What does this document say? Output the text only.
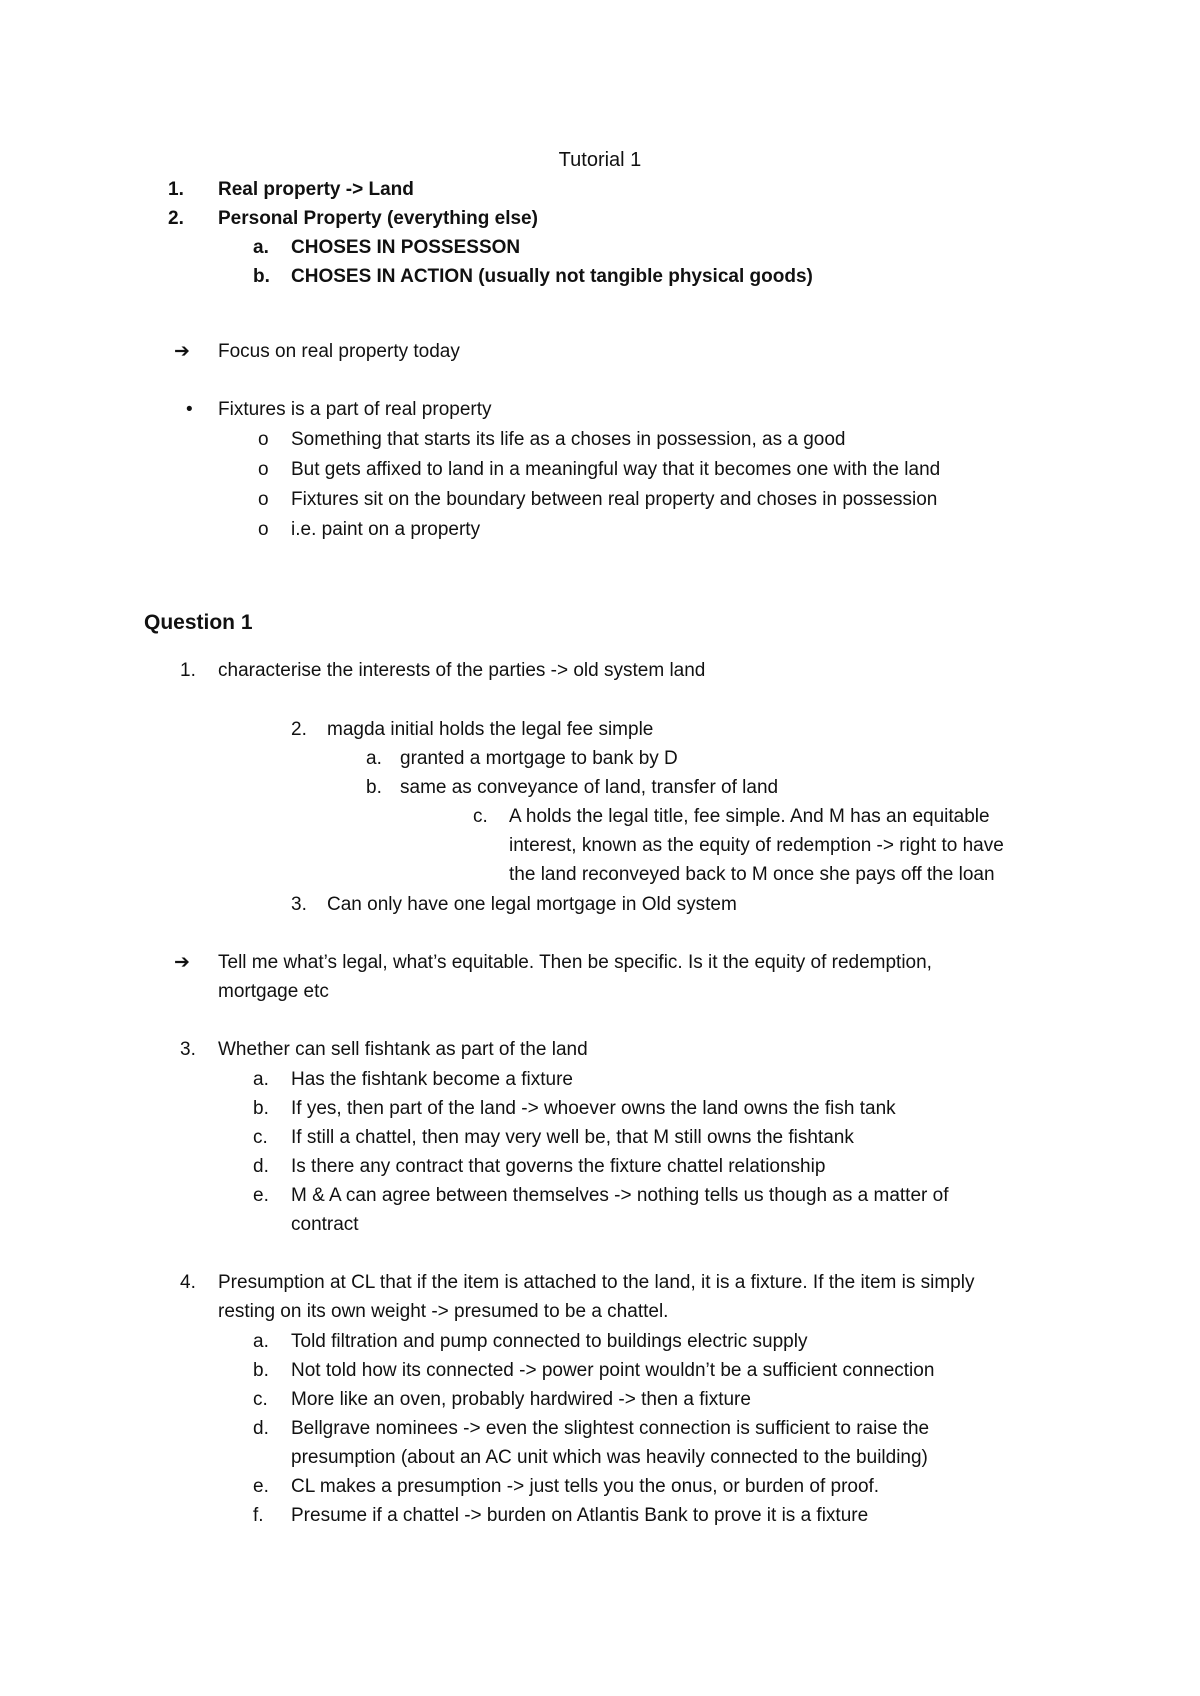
Tutorial 1
1. Real property -> Land
2. Personal Property (everything else)
a. CHOSES IN POSSESSON
b. CHOSES IN ACTION (usually not tangible physical goods)
➔ Focus on real property today
• Fixtures is a part of real property
o Something that starts its life as a choses in possession, as a good
o But gets affixed to land in a meaningful way that it becomes one with the land
o Fixtures sit on the boundary between real property and choses in possession
o i.e. paint on a property
Question 1
1. characterise the interests of the parties -> old system land
2. magda initial holds the legal fee simple
a. granted a mortgage to bank by D
b. same as conveyance of land, transfer of land
c. A holds the legal title, fee simple. And M has an equitable
interest, known as the equity of redemption -> right to have
the land reconveyed back to M once she pays off the loan
3. Can only have one legal mortgage in Old system
➔ Tell me what’s legal, what’s equitable. Then be specific. Is it the equity of redemption,
mortgage etc
3. Whether can sell fishtank as part of the land
a. Has the fishtank become a fixture
b. If yes, then part of the land -> whoever owns the land owns the fish tank
c. If still a chattel, then may very well be, that M still owns the fishtank
d. Is there any contract that governs the fixture chattel relationship
e. M & A can agree between themselves -> nothing tells us though as a matter of
contract
4. Presumption at CL that if the item is attached to the land, it is a fixture. If the item is simply
resting on its own weight -> presumed to be a chattel.
a. Told filtration and pump connected to buildings electric supply
b. Not told how its connected -> power point wouldn’t be a sufficient connection
c. More like an oven, probably hardwired -> then a fixture
d. Bellgrave nominees -> even the slightest connection is sufficient to raise the
presumption (about an AC unit which was heavily connected to the building)
e. CL makes a presumption -> just tells you the onus, or burden of proof.
f. Presume if a chattel -> burden on Atlantis Bank to prove it is a fixture
